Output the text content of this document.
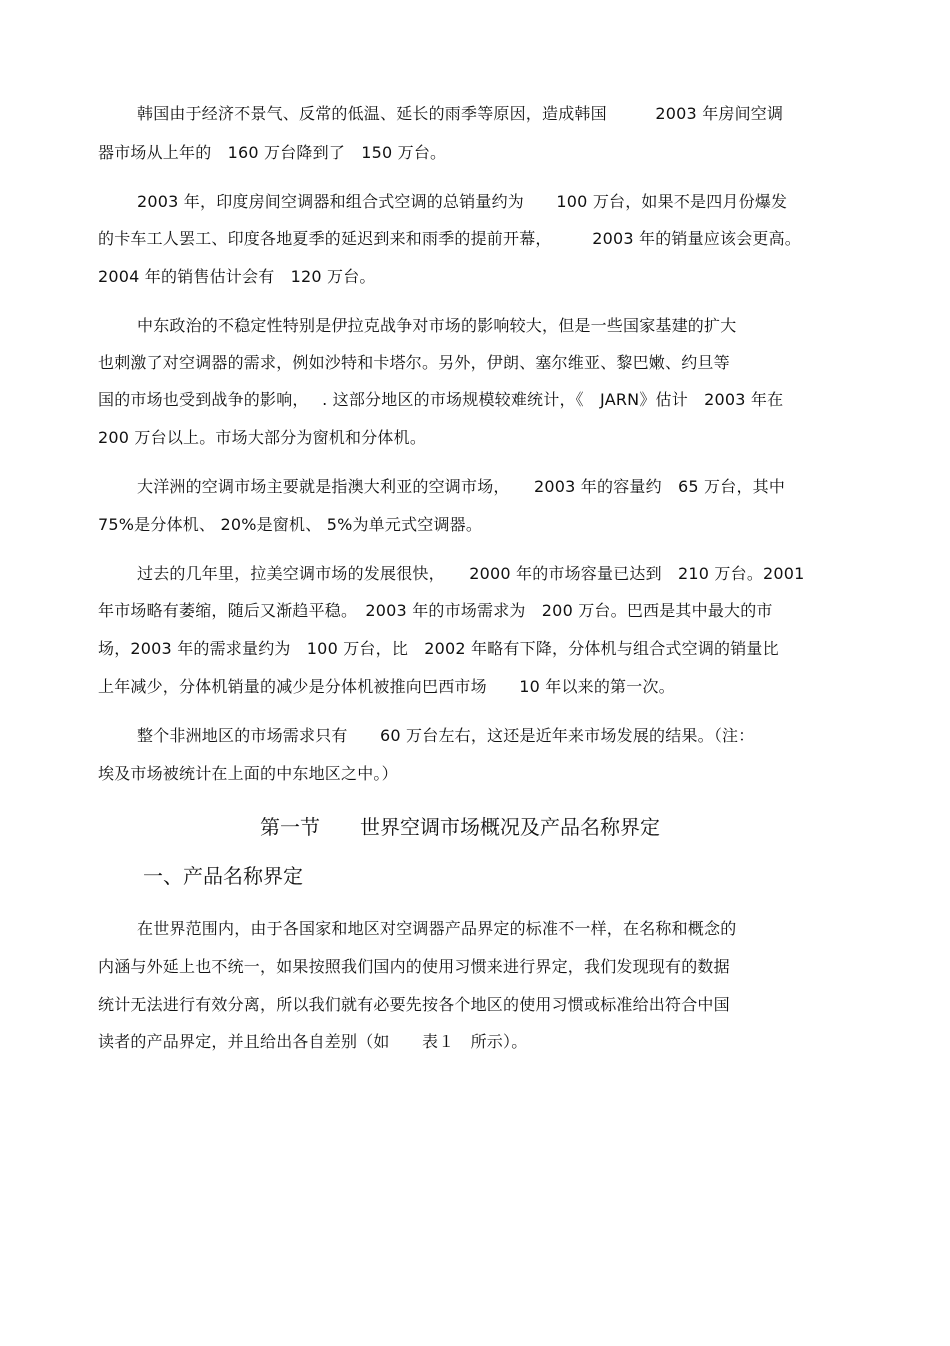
韩国由于经济不景气、反常的低温、延长的雨季等原因，造成韩国　　　2003 年房间空调
器市场从上年的　160 万台降到了　150 万台。
2003 年，印度房间空调器和组合式空调的总销量约为　　100 万台，如果不是四月份爆发
的卡车工人罢工、印度各地夏季的延迟到来和雨季的提前开幕，　　　2003 年的销量应该会更高。
2004 年的销售估计会有　120 万台。
中东政治的不稳定性特别是伊拉克战争对市场的影响较大，但是一些国家基建的扩大
也刺激了对空调器的需求，例如沙特和卡塔尔。另外，伊朗、塞尔维亚、黎巴嫩、约旦等
国的市场也受到战争的影响，　 . 这部分地区的市场规模较难统计，《　JARN》估计　2003 年在
200 万台以上。市场大部分为窗机和分体机。
大洋洲的空调市场主要就是指澳大利亚的空调市场，　　2003 年的容量约　65 万台，其中
75%是分体机、 20%是窗机、 5%为单元式空调器。
过去的几年里，拉美空调市场的发展很快，　　2000 年的市场容量已达到　210 万台。2001
年市场略有萎缩，随后又渐趋平稳。　2003 年的市场需求为　200 万台。巴西是其中最大的市
场，2003 年的需求量约为　100 万台，比　2002 年略有下降，分体机与组合式空调的销量比
上年减少，分体机销量的减少是分体机被推向巴西市场　　10 年以来的第一次。
整个非洲地区的市场需求只有　　60 万台左右，这还是近年来市场发展的结果。（注：
埃及市场被统计在上面的中东地区之中。）
第一节　　世界空调市场概况及产品名称界定
一、产品名称界定
在世界范围内，由于各国家和地区对空调器产品界定的标准不一样，在名称和概念的
内涵与外延上也不统一，如果按照我们国内的使用习惯来进行界定，我们发现现有的数据
统计无法进行有效分离，所以我们就有必要先按各个地区的使用习惯或标准给出符合中国
读者的产品界定，并且给出各自差别（如　　表１　所示）。
